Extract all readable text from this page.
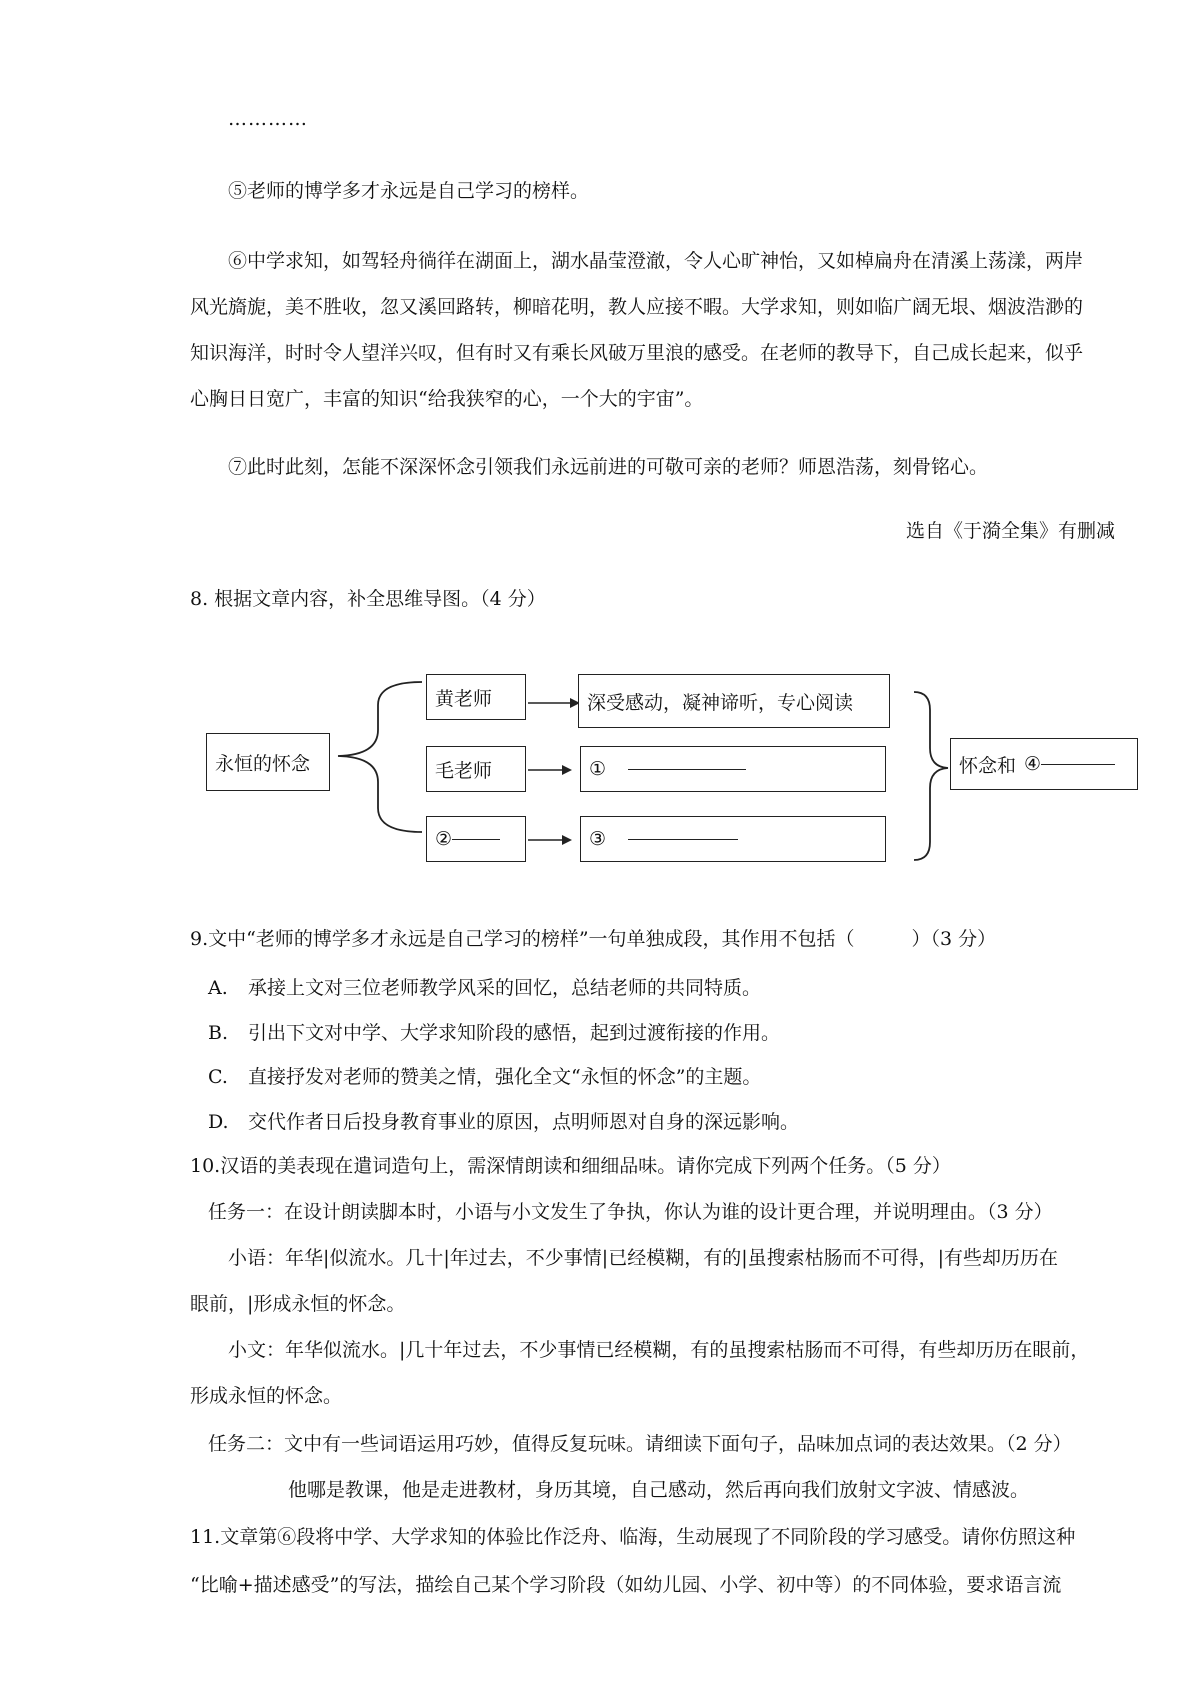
…………
⑤老师的博学多才永远是自己学习的榜样。
⑥中学求知，如驾轻舟徜徉在湖面上，湖水晶莹澄澈，令人心旷神怡，又如棹扁舟在清溪上荡漾，两岸
风光旖旎，美不胜收，忽又溪回路转，柳暗花明，教人应接不暇。大学求知，则如临广阔无垠、烟波浩渺的
知识海洋，时时令人望洋兴叹，但有时又有乘长风破万里浪的感受。在老师的教导下，自己成长起来，似乎
心胸日日宽广，丰富的知识“给我狭窄的心，一个大的宇宙”。
⑦此时此刻，怎能不深深怀念引领我们永远前进的可敬可亲的老师？师恩浩荡，刻骨铭心。
选自《于漪全集》有删减
8. 根据文章内容，补全思维导图。（4 分）
永恒的怀念
黄老师
毛老师
②
深受感动，凝神谛听，专心阅读
①
③
怀念和 ④
9.文中“老师的博学多才永远是自己学习的榜样”一句单独成段，其作用不包括（　　　）（3 分）
A. 承接上文对三位老师教学风采的回忆，总结老师的共同特质。
B. 引出下文对中学、大学求知阶段的感悟，起到过渡衔接的作用。
C. 直接抒发对老师的赞美之情，强化全文“永恒的怀念”的主题。
D. 交代作者日后投身教育事业的原因，点明师恩对自身的深远影响。
10.汉语的美表现在遣词造句上，需深情朗读和细细品味。请你完成下列两个任务。（5 分）
任务一：在设计朗读脚本时，小语与小文发生了争执，你认为谁的设计更合理，并说明理由。（3 分）
小语：年华|似流水。几十|年过去，不少事情|已经模糊，有的|虽搜索枯肠而不可得，|有些却历历在
眼前，|形成永恒的怀念。
小文：年华似流水。|几十年过去，不少事情已经模糊，有的虽搜索枯肠而不可得，有些却历历在眼前，
形成永恒的怀念。
任务二：文中有一些词语运用巧妙，值得反复玩味。请细读下面句子，品味加点词的表达效果。（2 分）
他哪是教课，他是走进教材，身历其境，自己感动，然后再向我们放射文字波、情感波。
11.文章第⑥段将中学、大学求知的体验比作泛舟、临海，生动展现了不同阶段的学习感受。请你仿照这种
“比喻+描述感受”的写法，描绘自己某个学习阶段（如幼儿园、小学、初中等）的不同体验，要求语言流
